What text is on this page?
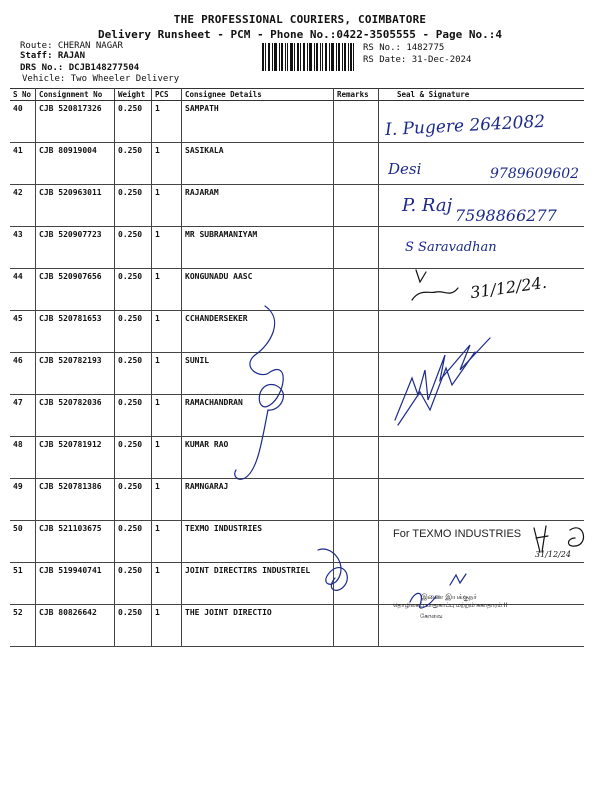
THE PROFESSIONAL COURIERS, COIMBATORE
Delivery Runsheet - PCM - Phone No.:0422-3505555 - Page No.:4
Route: CHERAN NAGAR
Staff: RAJAN
DRS No.: DCJB148277504
Vehicle: Two Wheeler Delivery
RS No.: 1482775
RS Date: 31-Dec-2024
S No	Consignment No	Weight	PCS	Consignee Details	Remarks	Seal & Signature
40	CJB 520817326	0.250	1	SAMPATH		
41	CJB 80919004	0.250	1	SASIKALA		
42	CJB 520963011	0.250	1	RAJARAM		
43	CJB 520907723	0.250	1	MR SUBRAMANIYAM		
44	CJB 520907656	0.250	1	KONGUNADU AASC		
45	CJB 520781653	0.250	1	CCHANDERSEKER		
46	CJB 520782193	0.250	1	SUNIL		
47	CJB 520782036	0.250	1	RAMACHANDRAN		
48	CJB 520781912	0.250	1	KUMAR RAO		
49	CJB 520781386	0.250	1	RAMNGARAJ		
50	CJB 521103675	0.250	1	TEXMO INDUSTRIES		
51	CJB 519940741	0.250	1	JOINT DIRECTIRS INDUSTRIEL		
52	CJB 80826642	0.250	1	THE JOINT DIRECTIO		
I. Pugere 2642082
Desi	9789609602
P. Raj 7598866277
S Saravadhan
31/12/24.
For TEXMO INDUSTRIES
31/12/24
இணை இயக்குநர்
தொழிலகப் பாதுகாப்பு மற்றும் சுகாதாரம் II
கோவை
